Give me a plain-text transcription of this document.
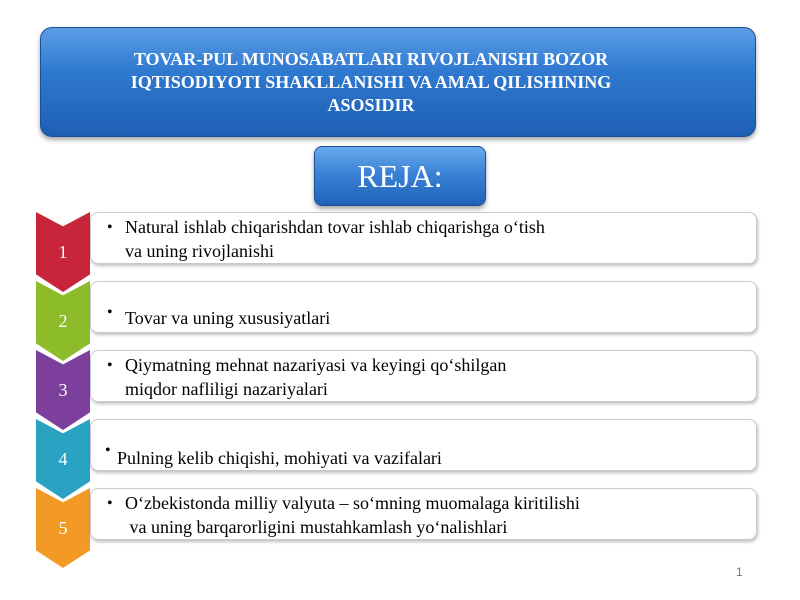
TOVAR-PUL MUNOSABATLARI RIVOJLANISHI BOZOR IQTISODIYOTI SHAKLLANISHI VA AMAL QILISHINING ASOSIDIR
REJA:
1
• Natural ishlab chiqarishdan tovar ishlab chiqarishga o‘tish
va uning rivojlanishi
2	• Tovar va uning xususiyatlari
3
• Qiymatning mehnat nazariyasi va keyingi qo‘shilgan
miqdor nafliligi nazariyalari
4	• Pulning kelib chiqishi, mohiyati va vazifalari
5
• O‘zbekistonda milliy valyuta – so‘mning muomalaga kiritilishi
va uning barqarorligini mustahkamlash yo‘nalishlari
1
